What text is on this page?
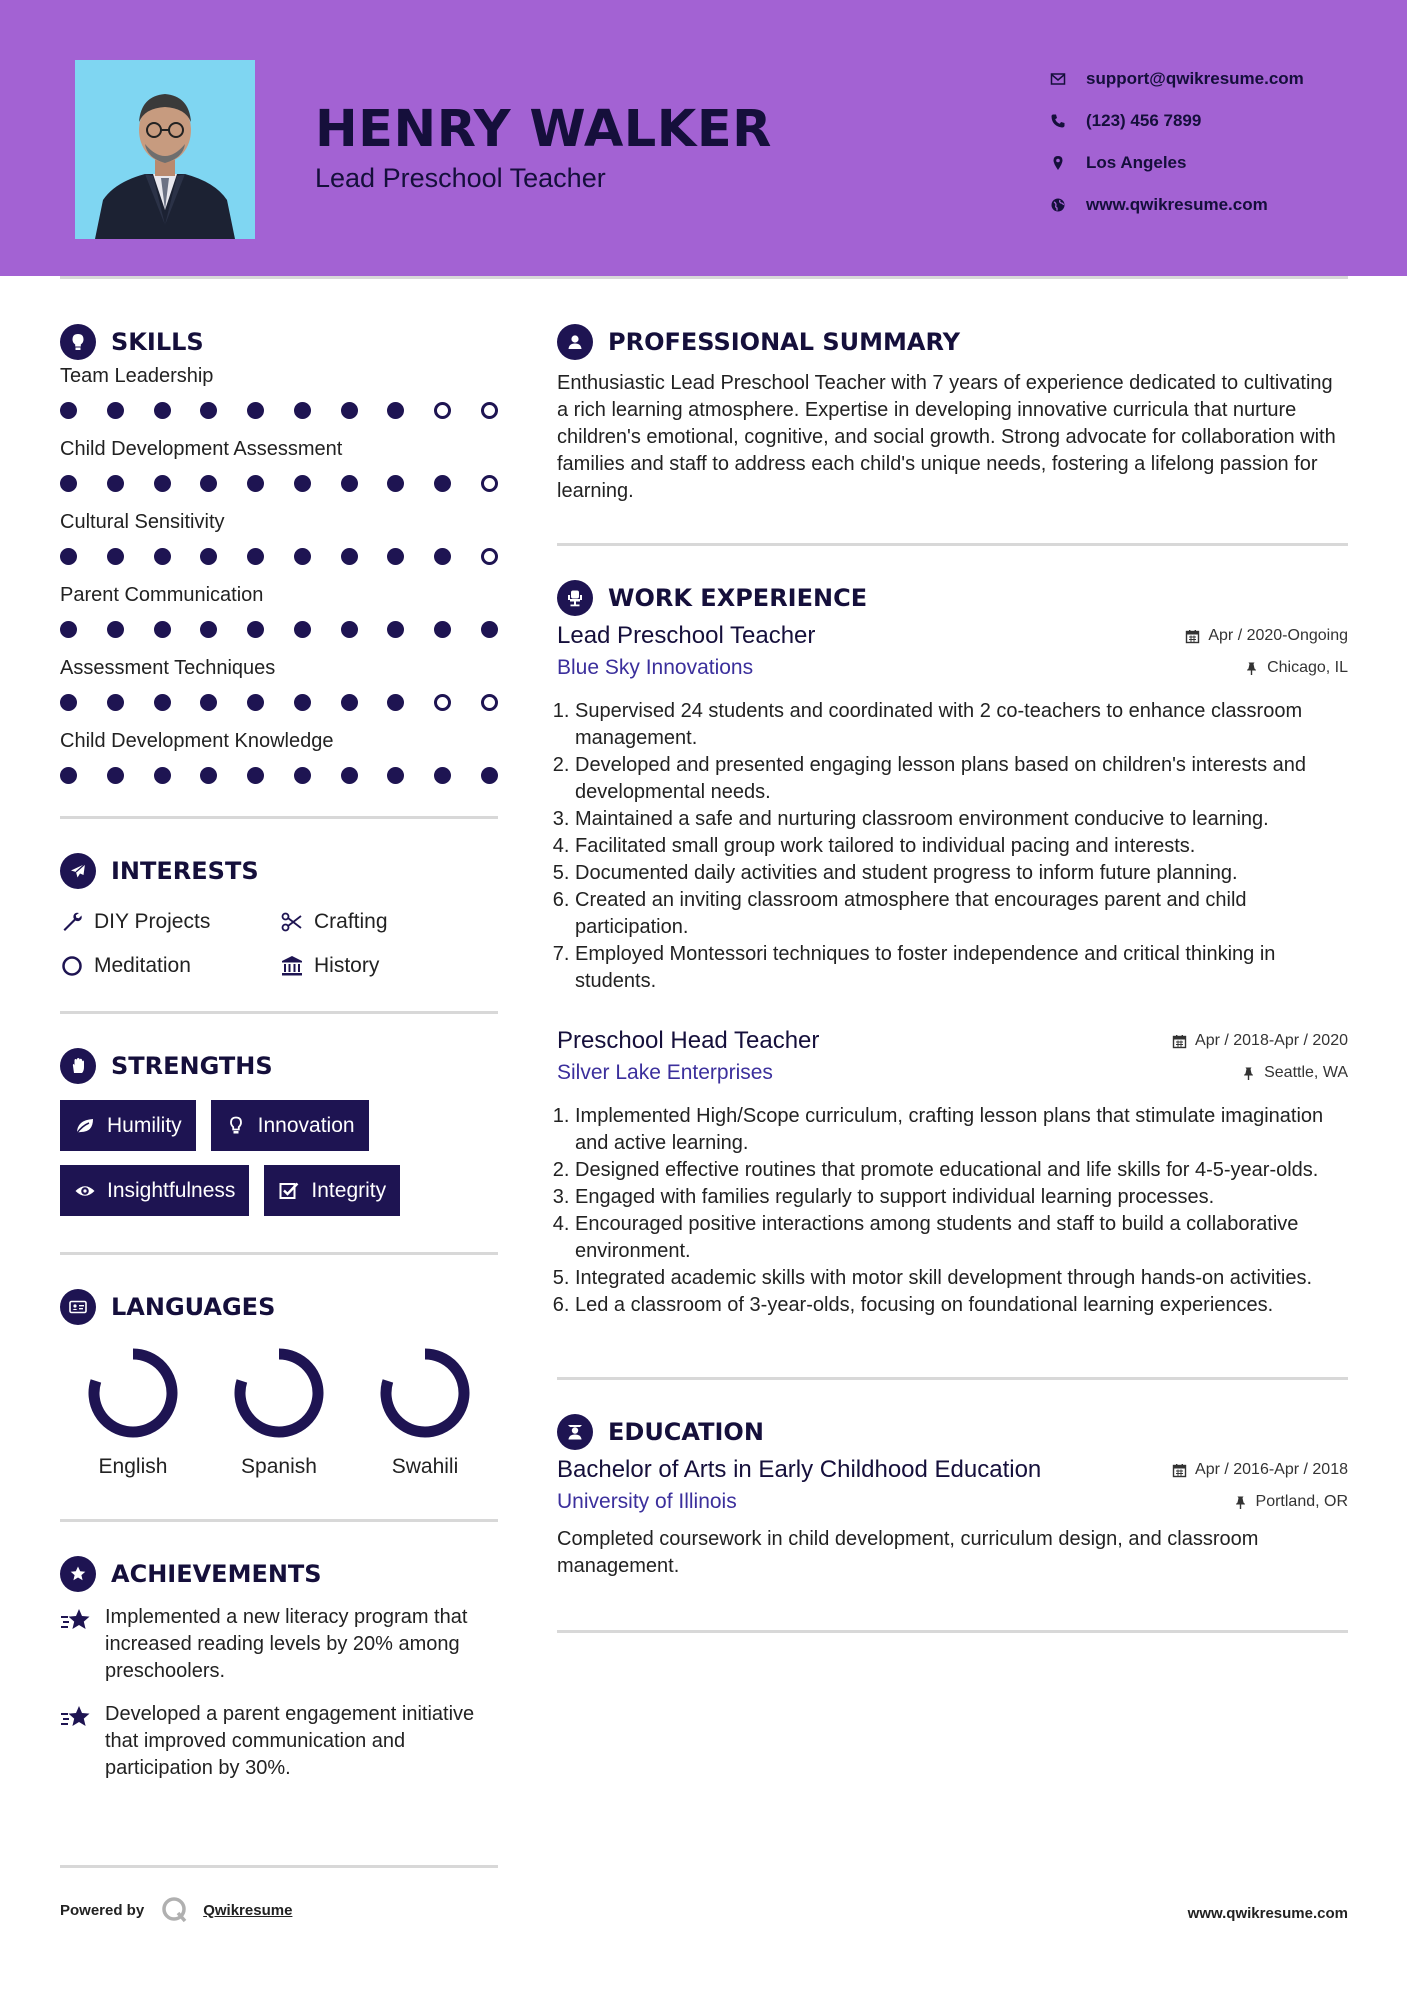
HENRY WALKER
Lead Preschool Teacher
support@qwikresume.com
(123) 456 7899
Los Angeles
www.qwikresume.com
SKILLS
Team Leadership
Child Development Assessment
Cultural Sensitivity
Parent Communication
Assessment Techniques
Child Development Knowledge
INTERESTS
DIY Projects	Crafting
Meditation	History
STRENGTHS
Humility	Innovation
Insightfulness	Integrity
LANGUAGES
English	Spanish	Swahili
ACHIEVEMENTS

Implemented a new literacy program that increased reading levels by 20% among preschoolers.

Developed a parent engagement initiative that improved communication and participation by 30%.

PROFESSIONAL SUMMARY

Enthusiastic Lead Preschool Teacher with 7 years of experience dedicated to cultivating a rich learning atmosphere. Expertise in developing innovative curricula that nurture children's emotional, cognitive, and social growth. Strong advocate for collaboration with families and staff to address each child's unique needs, fostering a lifelong passion for learning.

WORK EXPERIENCE
Lead Preschool Teacher	Apr / 2020-Ongoing
Blue Sky Innovations	Chicago, IL
1. Supervised 24 students and coordinated with 2 co-teachers to enhance classroom management.
2. Developed and presented engaging lesson plans based on children's interests and developmental needs.
3. Maintained a safe and nurturing classroom environment conducive to learning.
4. Facilitated small group work tailored to individual pacing and interests.
5. Documented daily activities and student progress to inform future planning.
6. Created an inviting classroom atmosphere that encourages parent and child participation.
7. Employed Montessori techniques to foster independence and critical thinking in students.
Preschool Head Teacher	Apr / 2018-Apr / 2020
Silver Lake Enterprises	Seattle, WA
1. Implemented High/Scope curriculum, crafting lesson plans that stimulate imagination and active learning.
2. Designed effective routines that promote educational and life skills for 4-5-year-olds.
3. Engaged with families regularly to support individual learning processes.
4. Encouraged positive interactions among students and staff to build a collaborative environment.
5. Integrated academic skills with motor skill development through hands-on activities.
6. Led a classroom of 3-year-olds, focusing on foundational learning experiences.
EDUCATION
Bachelor of Arts in Early Childhood Education	Apr / 2016-Apr / 2018
University of Illinois	Portland, OR

Completed coursework in child development, curriculum design, and classroom management.

Powered by	Qwikresume	www.qwikresume.com
